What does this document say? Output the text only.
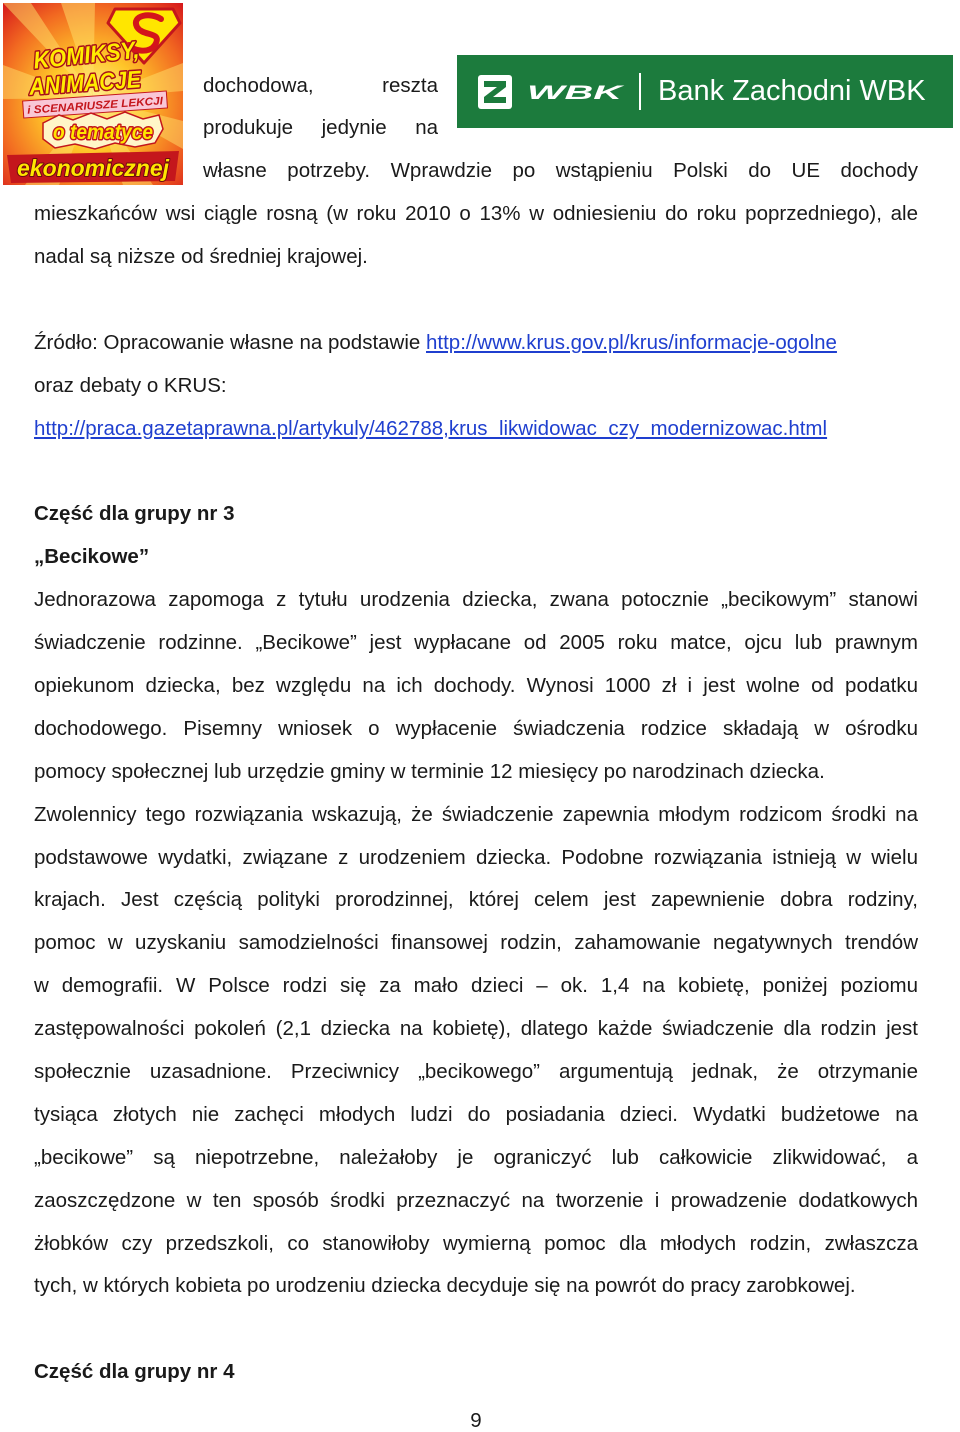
KOMIKSY,
ANIMACJE
i SCENARIUSZE LEKCJI
o tematyce
ekonomicznej
WBK Bank Zachodni WBK
dochodowa, reszta
produkuje jedynie na
własne potrzeby. Wprawdzie po wstąpieniu Polski do UE dochody
mieszkańców wsi ciągle rosną (w roku 2010 o 13% w odniesieniu do roku poprzedniego), ale
nadal są niższe od średniej krajowej.
Źródło: Opracowanie własne na podstawie http://www.krus.gov.pl/krus/informacje-ogolne
oraz debaty o KRUS:
http://praca.gazetaprawna.pl/artykuly/462788,krus_likwidowac_czy_modernizowac.html
Część dla grupy nr 3
„Becikowe”
Jednorazowa zapomoga z tytułu urodzenia dziecka, zwana potocznie „becikowym” stanowi
świadczenie rodzinne. „Becikowe” jest wypłacane od 2005 roku matce, ojcu lub prawnym
opiekunom dziecka, bez względu na ich dochody. Wynosi 1000 zł i jest wolne od podatku
dochodowego. Pisemny wniosek o wypłacenie świadczenia rodzice składają w ośrodku
pomocy społecznej lub urzędzie gminy w terminie 12 miesięcy po narodzinach dziecka.
Zwolennicy tego rozwiązania wskazują, że świadczenie zapewnia młodym rodzicom środki na
podstawowe wydatki, związane z urodzeniem dziecka. Podobne rozwiązania istnieją w wielu
krajach. Jest częścią polityki prorodzinnej, której celem jest zapewnienie dobra rodziny,
pomoc w uzyskaniu samodzielności finansowej rodzin, zahamowanie negatywnych trendów
w demografii. W Polsce rodzi się za mało dzieci – ok. 1,4 na kobietę, poniżej poziomu
zastępowalności pokoleń (2,1 dziecka na kobietę), dlatego każde świadczenie dla rodzin jest
społecznie uzasadnione. Przeciwnicy „becikowego” argumentują jednak, że otrzymanie
tysiąca złotych nie zachęci młodych ludzi do posiadania dzieci. Wydatki budżetowe na
„becikowe” są niepotrzebne, należałoby je ograniczyć lub całkowicie zlikwidować, a
zaoszczędzone w ten sposób środki przeznaczyć na tworzenie i prowadzenie dodatkowych
żłobków czy przedszkoli, co stanowiłoby wymierną pomoc dla młodych rodzin, zwłaszcza
tych, w których kobieta po urodzeniu dziecka decyduje się na powrót do pracy zarobkowej.
Część dla grupy nr 4
9
